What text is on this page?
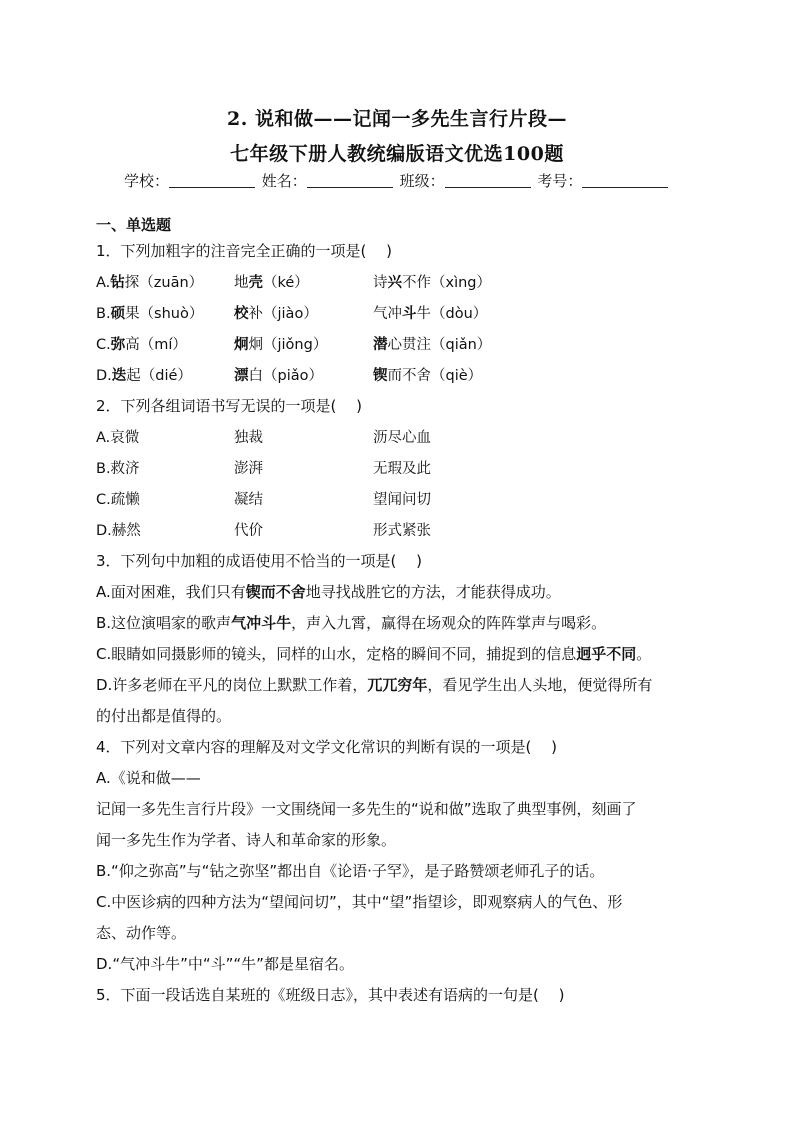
2. 说和做——记闻一多先生言行片段—
七年级下册人教统编版语文优选100题
学校：	姓名：	班级：	考号：
一、单选题
1．下列加粗字的注音完全正确的一项是(　 )
A.钻探（zuān） 地壳（ké）	诗兴不作（xìng）
B.硕果（shuò） 校补（jiào）	气冲斗牛（dòu）
C.弥高（mí）	炯炯（jiǒng）	潜心贯注（qiǎn）
D.迭起（dié）	漂白（piǎo）	锲而不舍（qiè）
2．下列各组词语书写无误的一项是(　 )
A.哀微	独裁	沥尽心血
B.救济	澎湃	无瑕及此
C.疏懒	凝结	望闻问切
D.赫然	代价	形式紧张
3．下列句中加粗的成语使用不恰当的一项是(　 )
A.面对困难，我们只有锲而不舍地寻找战胜它的方法，才能获得成功。
B.这位演唱家的歌声气冲斗牛，声入九霄，赢得在场观众的阵阵掌声与喝彩。
C.眼睛如同摄影师的镜头，同样的山水，定格的瞬间不同，捕捉到的信息迥乎不同。
D.许多老师在平凡的岗位上默默工作着，兀兀穷年，看见学生出人头地，便觉得所有
的付出都是值得的。
4．下列对文章内容的理解及对文学文化常识的判断有误的一项是(　 )
A.《说和做——
记闻一多先生言行片段》一文围绕闻一多先生的“说和做”选取了典型事例，刻画了
闻一多先生作为学者、诗人和革命家的形象。
B.“仰之弥高”与“钻之弥坚”都出自《论语·子罕》，是子路赞颂老师孔子的话。
C.中医诊病的四种方法为“望闻问切”，其中“望”指望诊，即观察病人的气色、形
态、动作等。
D.“气冲斗牛”中“斗”“牛”都是星宿名。
5．下面一段话选自某班的《班级日志》，其中表述有语病的一句是(　 )
